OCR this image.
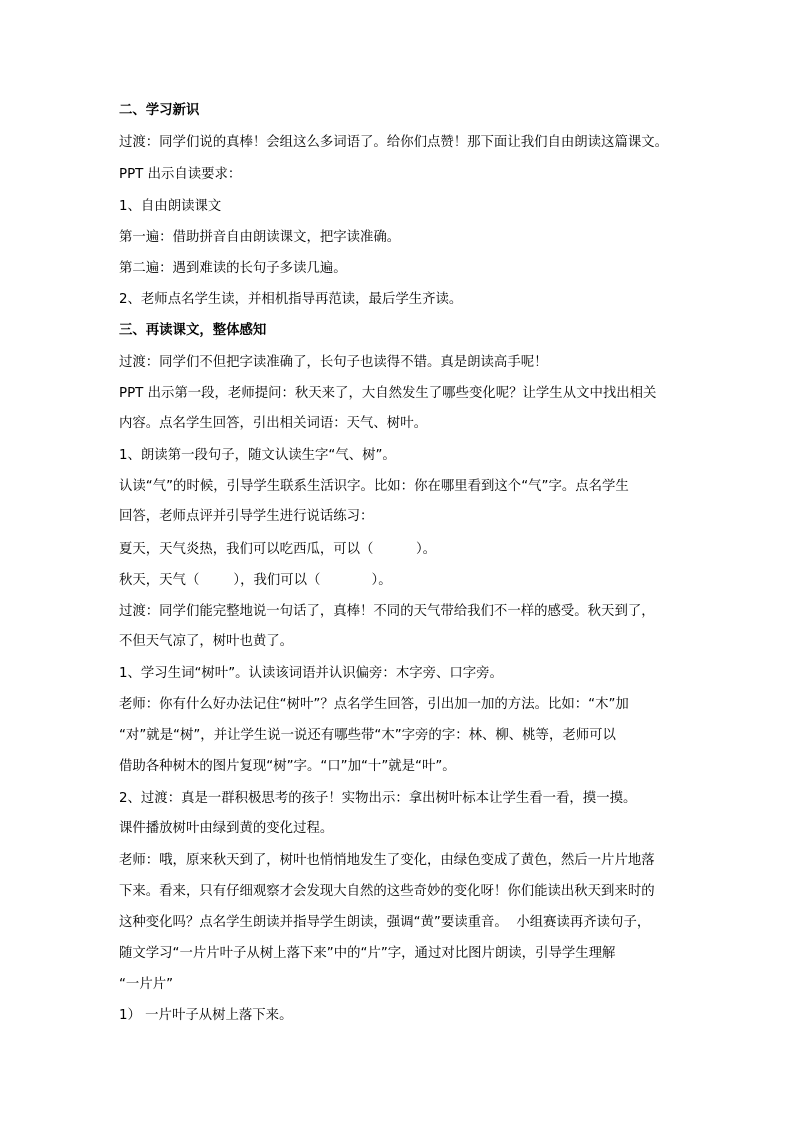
二、学习新识
过渡：同学们说的真棒！会组这么多词语了。给你们点赞！那下面让我们自由朗读这篇课文。
PPT 出示自读要求：
1、自由朗读课文
第一遍：借助拼音自由朗读课文，把字读准确。
第二遍：遇到难读的长句子多读几遍。
2、老师点名学生读，并相机指导再范读，最后学生齐读。
三、再读课文，整体感知
过渡：同学们不但把字读准确了，长句子也读得不错。真是朗读高手呢！
PPT 出示第一段，老师提问：秋天来了，大自然发生了哪些变化呢？让学生从文中找出相关
内容。点名学生回答，引出相关词语：天气、树叶。
1、朗读第一段句子，随文认读生字“气、树”。
认读“气”的时候，引导学生联系生活识字。比如：你在哪里看到这个“气”字。点名学生
回答，老师点评并引导学生进行说话练习：
夏天，天气炎热，我们可以吃西瓜，可以（          ）。
秋天，天气（        ），我们可以（            ）。
过渡：同学们能完整地说一句话了，真棒！不同的天气带给我们不一样的感受。秋天到了，
不但天气凉了，树叶也黄了。
1、学习生词“树叶”。认读该词语并认识偏旁：木字旁、口字旁。
老师：你有什么好办法记住“树叶”？点名学生回答，引出加一加的方法。比如：“木”加
“对”就是“树”，并让学生说一说还有哪些带“木”字旁的字：林、柳、桃等，老师可以
借助各种树木的图片复现“树”字。“口”加“十”就是“叶”。
2、过渡：真是一群积极思考的孩子！实物出示：拿出树叶标本让学生看一看，摸一摸。
课件播放树叶由绿到黄的变化过程。
老师：哦，原来秋天到了，树叶也悄悄地发生了变化，由绿色变成了黄色，然后一片片地落
下来。看来，只有仔细观察才会发现大自然的这些奇妙的变化呀！你们能读出秋天到来时的
这种变化吗？点名学生朗读并指导学生朗读，强调“黄”要读重音。  小组赛读再齐读句子，
随文学习“一片片叶子从树上落下来”中的“片”字，通过对比图片朗读，引导学生理解
“一片片”
1） 一片叶子从树上落下来。
